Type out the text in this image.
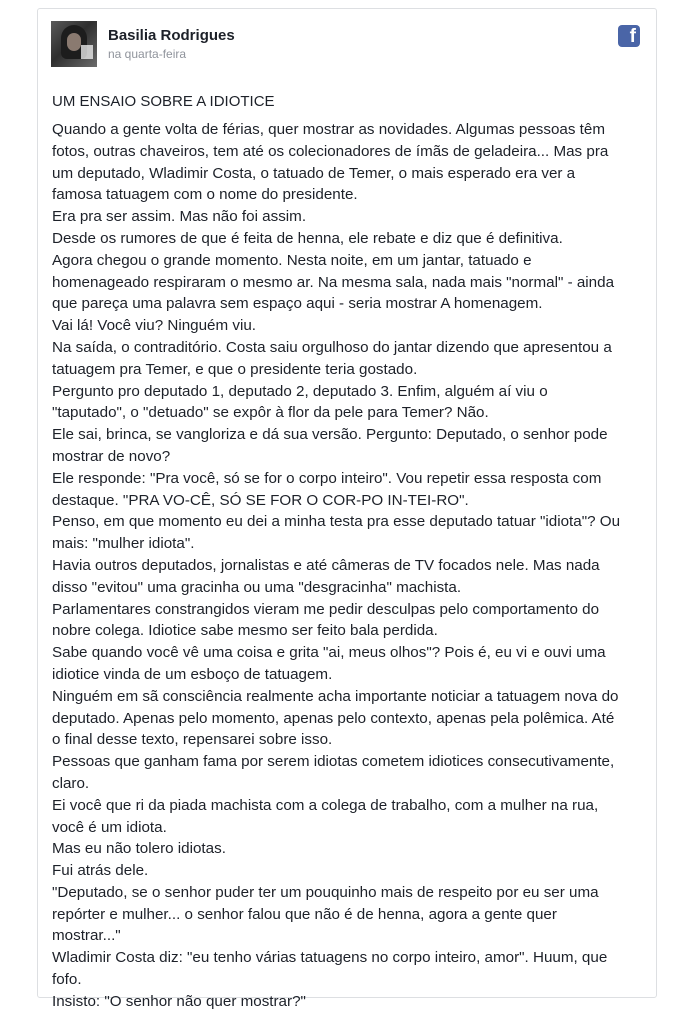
Basilia Rodrigues
na quarta-feira
f
UM ENSAIO SOBRE A IDIOTICE
Quando a gente volta de férias, quer mostrar as novidades. Algumas pessoas têm
fotos, outras chaveiros, tem até os colecionadores de ímãs de geladeira... Mas pra
um deputado, Wladimir Costa, o tatuado de Temer, o mais esperado era ver a
famosa tatuagem com o nome do presidente.
Era pra ser assim. Mas não foi assim.
Desde os rumores de que é feita de henna, ele rebate e diz que é definitiva.
Agora chegou o grande momento. Nesta noite, em um jantar, tatuado e
homenageado respiraram o mesmo ar. Na mesma sala, nada mais "normal" - ainda
que pareça uma palavra sem espaço aqui - seria mostrar A homenagem.
Vai lá! Você viu? Ninguém viu.
Na saída, o contraditório. Costa saiu orgulhoso do jantar dizendo que apresentou a
tatuagem pra Temer, e que o presidente teria gostado.
Pergunto pro deputado 1, deputado 2, deputado 3. Enfim, alguém aí viu o
"taputado", o "detuado" se expôr à flor da pele para Temer? Não.
Ele sai, brinca, se vangloriza e dá sua versão. Pergunto: Deputado, o senhor pode
mostrar de novo?
Ele responde: "Pra você, só se for o corpo inteiro". Vou repetir essa resposta com
destaque. "PRA VO-CÊ, SÓ SE FOR O COR-PO IN-TEI-RO".
Penso, em que momento eu dei a minha testa pra esse deputado tatuar "idiota"? Ou
mais: "mulher idiota".
Havia outros deputados, jornalistas e até câmeras de TV focados nele. Mas nada
disso "evitou" uma gracinha ou uma "desgracinha" machista.
Parlamentares constrangidos vieram me pedir desculpas pelo comportamento do
nobre colega. Idiotice sabe mesmo ser feito bala perdida.
Sabe quando você vê uma coisa e grita "ai, meus olhos"? Pois é, eu vi e ouvi uma
idiotice vinda de um esboço de tatuagem.
Ninguém em sã consciência realmente acha importante noticiar a tatuagem nova do
deputado. Apenas pelo momento, apenas pelo contexto, apenas pela polêmica. Até
o final desse texto, repensarei sobre isso.
Pessoas que ganham fama por serem idiotas cometem idiotices consecutivamente,
claro.
Ei você que ri da piada machista com a colega de trabalho, com a mulher na rua,
você é um idiota.
Mas eu não tolero idiotas.
Fui atrás dele.
"Deputado, se o senhor puder ter um pouquinho mais de respeito por eu ser uma
repórter e mulher... o senhor falou que não é de henna, agora a gente quer
mostrar..."
Wladimir Costa diz: "eu tenho várias tatuagens no corpo inteiro, amor". Huum, que
fofo.
Insisto: "O senhor não quer mostrar?"
